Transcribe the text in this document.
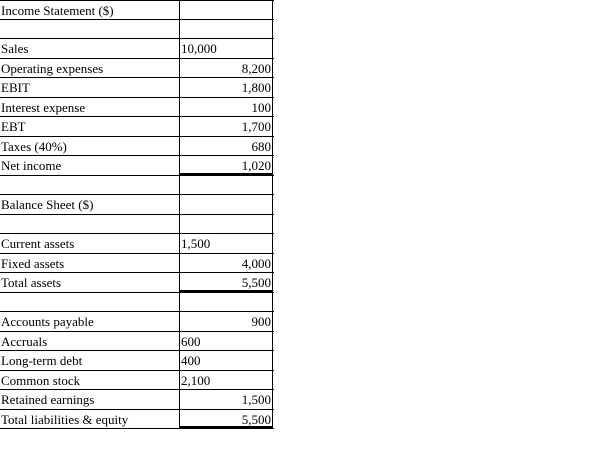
Income Statement ($)
Sales	10,000
Operating expenses	8,200
EBIT	1,800
Interest expense	100
EBT	1,700
Taxes (40%)	680
Net income	1,020
Balance Sheet ($)
Current assets	1,500
Fixed assets	4,000
Total assets	5,500
Accounts payable	900
Accruals	600
Long-term debt	400
Common stock	2,100
Retained earnings	1,500
Total liabilities & equity	5,500
